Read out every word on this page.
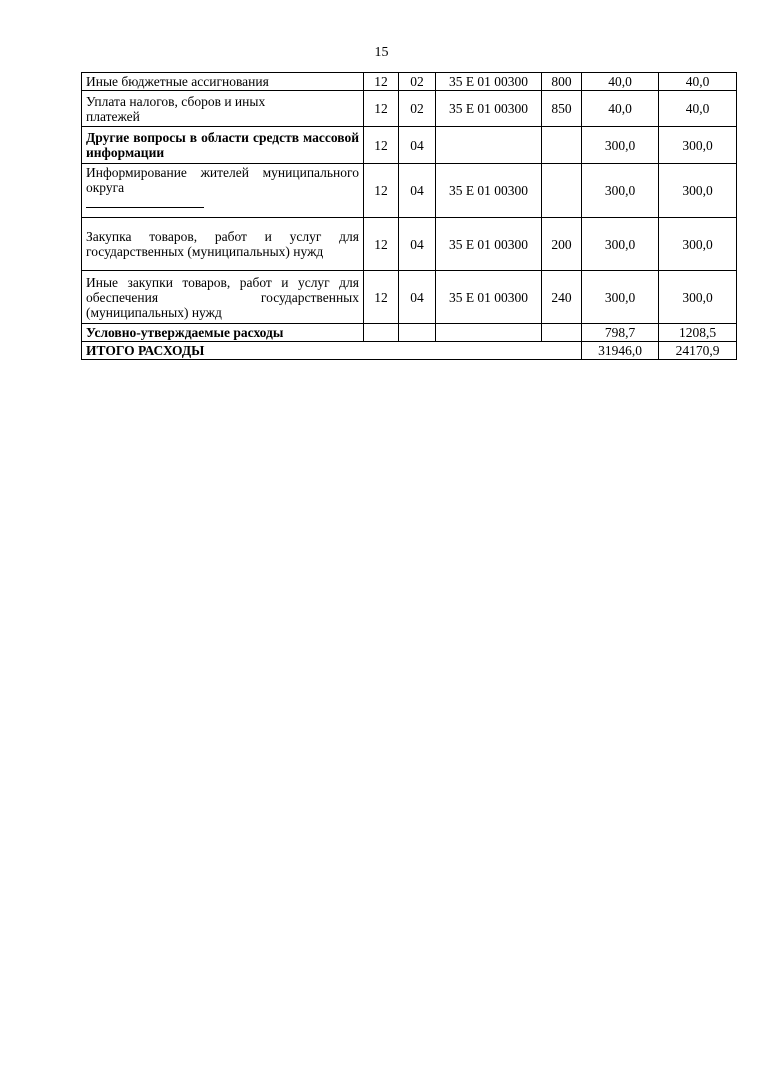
15
Иные бюджетные ассигнования	12	02	35 Е 01 00300	800	40,0	40,0
Уплата налогов, сборов и иных платежей	12	02	35 Е 01 00300	850	40,0	40,0
Другие вопросы в области средств массовой информации	12	04			300,0	300,0

Информирование жителей муниципального округа	12	04	35 Е 01 00300		300,0	300,0
Закупка товаров, работ и услуг для государственных (муниципальных) нужд	12	04	35 Е 01 00300	200	300,0	300,0
Иные закупки товаров, работ и услуг для обеспечения государственных (муниципальных) нужд	12	04	35 Е 01 00300	240	300,0	300,0
Условно-утверждаемые расходы					798,7	1208,5
ИТОГО РАСХОДЫ					31946,0	24170,9
